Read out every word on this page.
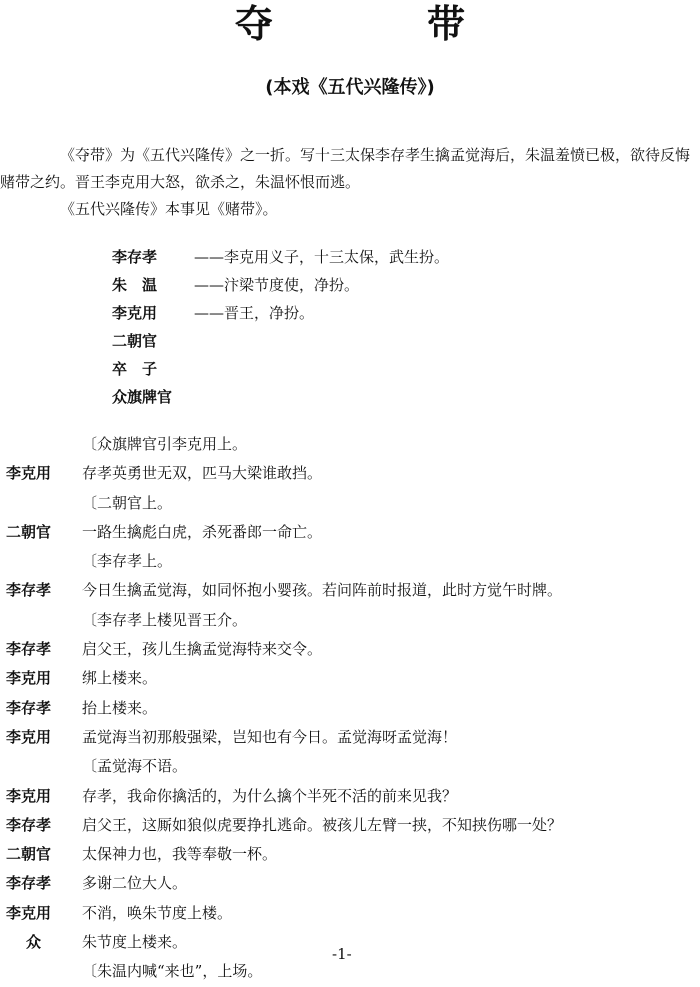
夺　带
(本戏《五代兴隆传》)

《夺带》为《五代兴隆传》之一折。写十三太保李存孝生擒孟觉海后，朱温羞愤已极，欲待反悔赌带之约。晋王李克用大怒，欲杀之，朱温怀恨而逃。

《五代兴隆传》本事见《赌带》。

李存孝 ——李克用义子，十三太保，武生扮。
朱　温 ——汴梁节度使，净扮。
李克用 ——晋王，净扮。
二朝官
卒　子
众旗牌官
〔众旗牌官引李克用上。
李克用	存孝英勇世无双，匹马大梁谁敢挡。
〔二朝官上。
二朝官	一路生擒彪白虎，杀死番郎一命亡。
〔李存孝上。
李存孝	今日生擒孟觉海，如同怀抱小婴孩。若问阵前时报道，此时方觉午时牌。
〔李存孝上楼见晋王介。
李存孝	启父王，孩儿生擒孟觉海特来交令。
李克用	绑上楼来。
李存孝	抬上楼来。
李克用	孟觉海当初那般强梁，岂知也有今日。孟觉海呀孟觉海！
〔孟觉海不语。
李克用	存孝，我命你擒活的，为什么擒个半死不活的前来见我？
李存孝	启父王，这厮如狼似虎要挣扎逃命。被孩儿左臂一挟，不知挟伤哪一处？
二朝官	太保神力也，我等奉敬一杯。
李存孝	多谢二位大人。
李克用	不消，唤朱节度上楼。
众	朱节度上楼来。
〔朱温内喊“来也”，上场。
-1-
